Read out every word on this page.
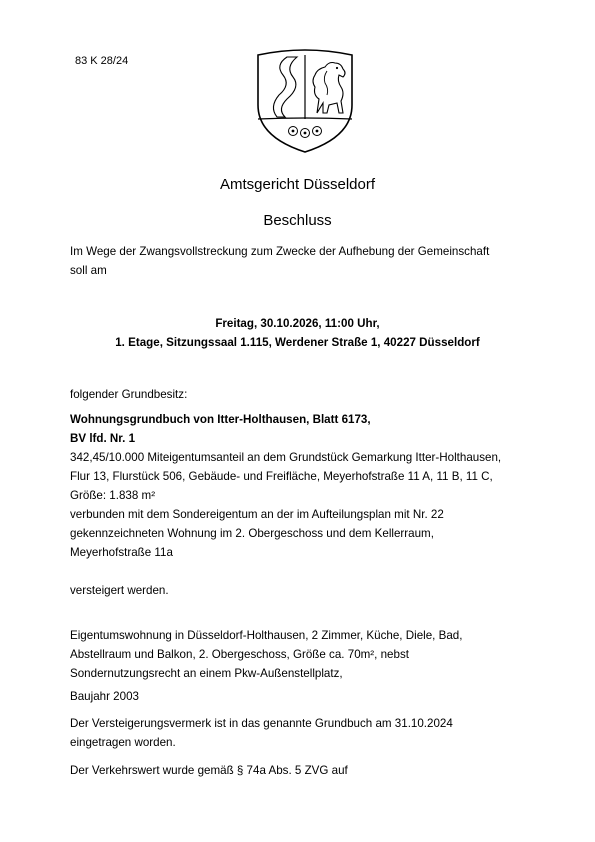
83 K 28/24
Amtsgericht Düsseldorf
Beschluss
Im Wege der Zwangsvollstreckung zum Zwecke der Aufhebung der Gemeinschaft
soll am
Freitag, 30.10.2026, 11:00 Uhr,
1. Etage, Sitzungssaal 1.115, Werdener Straße 1, 40227 Düsseldorf
folgender Grundbesitz:
Wohnungsgrundbuch von Itter-Holthausen, Blatt 6173,
BV lfd. Nr. 1
342,45/10.000 Miteigentumsanteil an dem Grundstück Gemarkung Itter-Holthausen,
Flur 13, Flurstück 506, Gebäude- und Freifläche, Meyerhofstraße 11 A, 11 B, 11 C,
Größe: 1.838 m²
verbunden mit dem Sondereigentum an der im Aufteilungsplan mit Nr. 22
gekennzeichneten Wohnung im 2. Obergeschoss und dem Kellerraum,
Meyerhofstraße 11a
versteigert werden.
Eigentumswohnung in Düsseldorf-Holthausen, 2 Zimmer, Küche, Diele, Bad,
Abstellraum und Balkon, 2. Obergeschoss, Größe ca. 70m², nebst
Sondernutzungsrecht an einem Pkw-Außenstellplatz,
Baujahr 2003
Der Versteigerungsvermerk ist in das genannte Grundbuch am 31.10.2024
eingetragen worden.
Der Verkehrswert wurde gemäß § 74a Abs. 5 ZVG auf
